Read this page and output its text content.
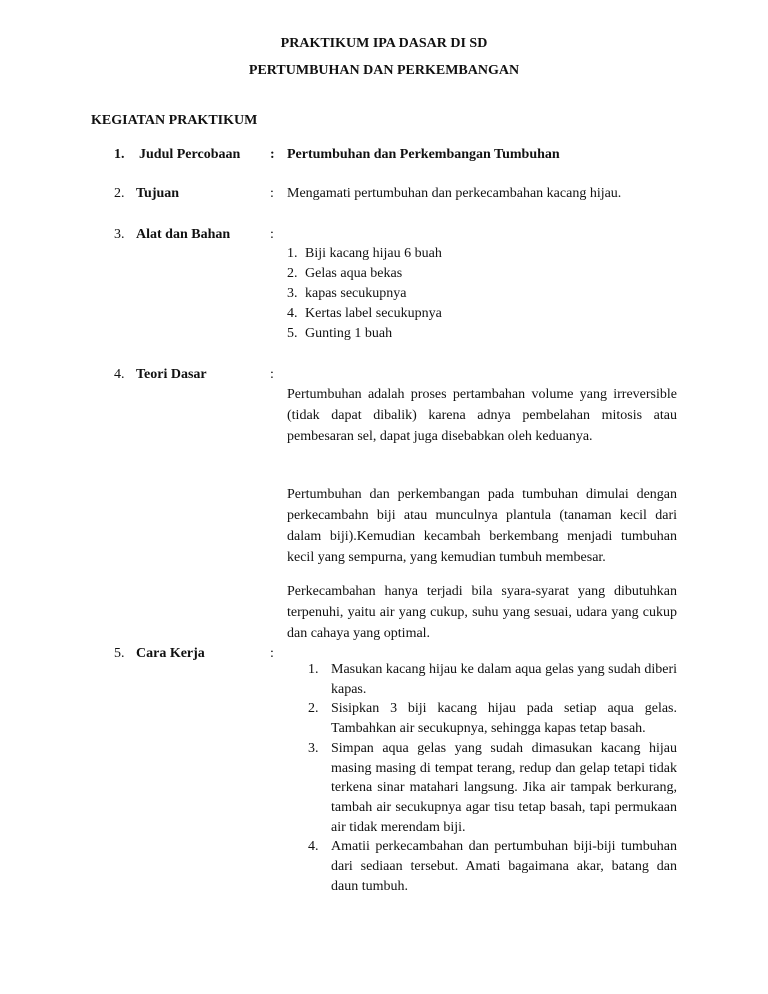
PRAKTIKUM IPA DASAR DI SD
PERTUMBUHAN DAN PERKEMBANGAN
KEGIATAN PRAKTIKUM
1. Judul Percobaan : Pertumbuhan dan Perkembangan Tumbuhan
2. Tujuan	: Mengamati pertumbuhan dan perkecambahan kacang hijau.
3. Alat dan Bahan	:
1. Biji kacang hijau 6 buah
2. Gelas aqua bekas
3. kapas secukupnya
4. Kertas label secukupnya
5. Gunting 1 buah
4. Teori Dasar	:

Pertumbuhan adalah proses pertambahan volume yang irreversible (tidak dapat dibalik) karena adnya pembelahan mitosis atau pembesaran sel, dapat juga disebabkan oleh keduanya.

Pertumbuhan dan perkembangan pada tumbuhan dimulai dengan perkecambahn biji atau munculnya plantula (tanaman kecil dari dalam biji).Kemudian kecambah berkembang menjadi tumbuhan kecil yang sempurna, yang kemudian tumbuh membesar.

Perkecambahan hanya terjadi bila syara-syarat yang dibutuhkan terpenuhi, yaitu air yang cukup, suhu yang sesuai, udara yang cukup dan cahaya yang optimal.

5. Cara Kerja	:
1. Masukan kacang hijau ke dalam aqua gelas yang sudah diberi kapas.
2. Sisipkan 3 biji kacang hijau pada setiap aqua gelas. Tambahkan air secukupnya, sehingga kapas tetap basah.
3. Simpan aqua gelas yang sudah dimasukan kacang hijau masing masing di tempat terang, redup dan gelap tetapi tidak terkena sinar matahari langsung. Jika air tampak berkurang, tambah air secukupnya agar tisu tetap basah, tapi permukaan air tidak merendam biji.
4. Amatii perkecambahan dan pertumbuhan biji-biji tumbuhan dari sediaan tersebut. Amati bagaimana akar, batang dan daun tumbuh.
